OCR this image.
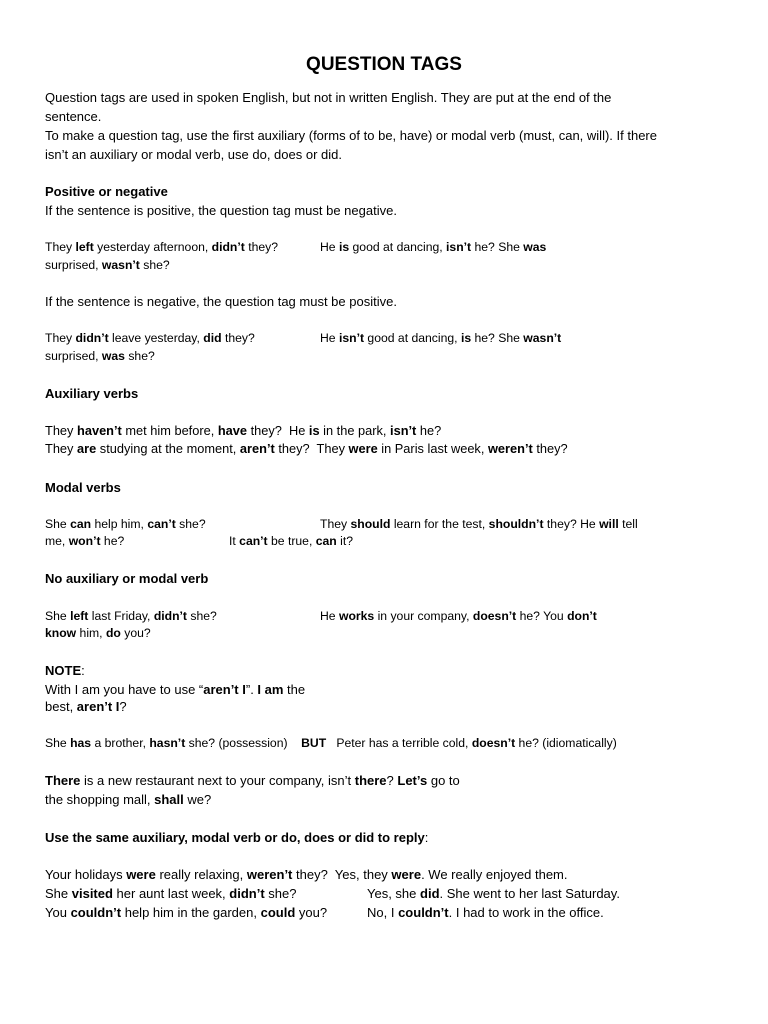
QUESTION TAGS
Question tags are used in spoken English, but not in written English. They are put at the end of the
sentence.
To make a question tag, use the first auxiliary (forms of to be, have) or modal verb (must, can, will). If there
isn’t an auxiliary or modal verb, use do, does or did.
Positive or negative
If the sentence is positive, the question tag must be negative.
They left yesterday afternoon, didn’t they?	He is good at dancing, isn’t he? She was
surprised, wasn’t she?
If the sentence is negative, the question tag must be positive.
They didn’t leave yesterday, did they?	He isn’t good at dancing, is he? She wasn’t
surprised, was she?
Auxiliary verbs
They haven’t met him before, have they?  He is in the park, isn’t he?
They are studying at the moment, aren’t they?  They were in Paris last week, weren’t they?
Modal verbs
She can help him, can’t she?	They should learn for the test, shouldn’t they? He will tell
me, won’t he?	It can’t be true, can it?
No auxiliary or modal verb
She left last Friday, didn’t she?	He works in your company, doesn’t he? You don’t
know him, do you?
NOTE:
With I am you have to use “aren’t I”. I am the
best, aren’t I?
She has a brother, hasn’t she? (possession)    BUT   Peter has a terrible cold, doesn’t he? (idiomatically)
There is a new restaurant next to your company, isn’t there? Let’s go to
the shopping mall, shall we?
Use the same auxiliary, modal verb or do, does or did to reply:
Your holidays were really relaxing, weren’t they?  Yes, they were. We really enjoyed them.
She visited her aunt last week, didn’t she?	Yes, she did. She went to her last Saturday.
You couldn’t help him in the garden, could you?	No, I couldn’t. I had to work in the office.
